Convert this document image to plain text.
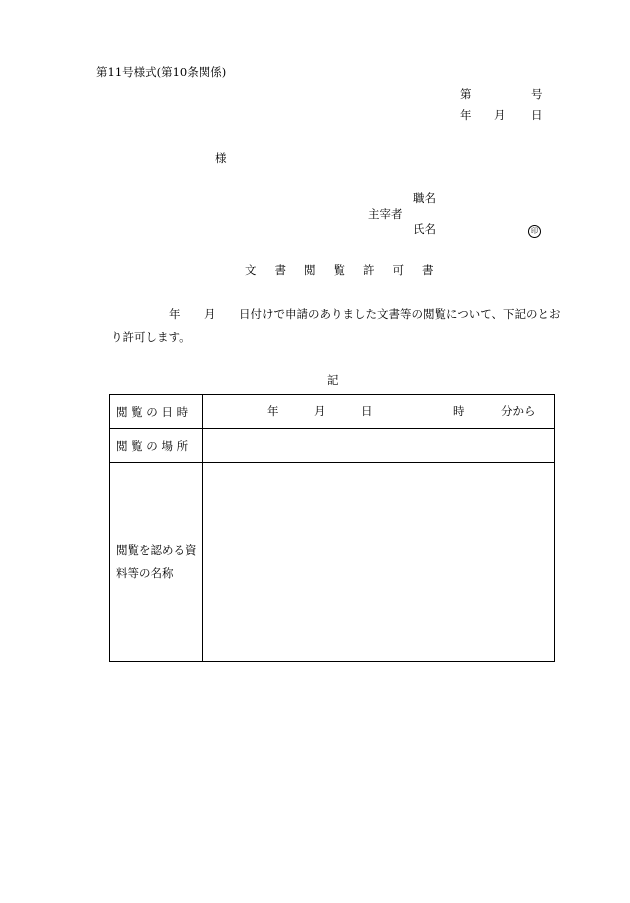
第11号様式(第10条関係)
第	号
年 月 日
様
職名
主宰者
氏名	印
文 書 閲 覧 許 可 書
年 月 日付けで申請のありました文書等の閲覧について、下記のとお
り許可します。
記
閲 覧 の 日 時	年 月 日 時 分から

閲 覧 の 場 所	

閲覧を認める資
料等の名称	
